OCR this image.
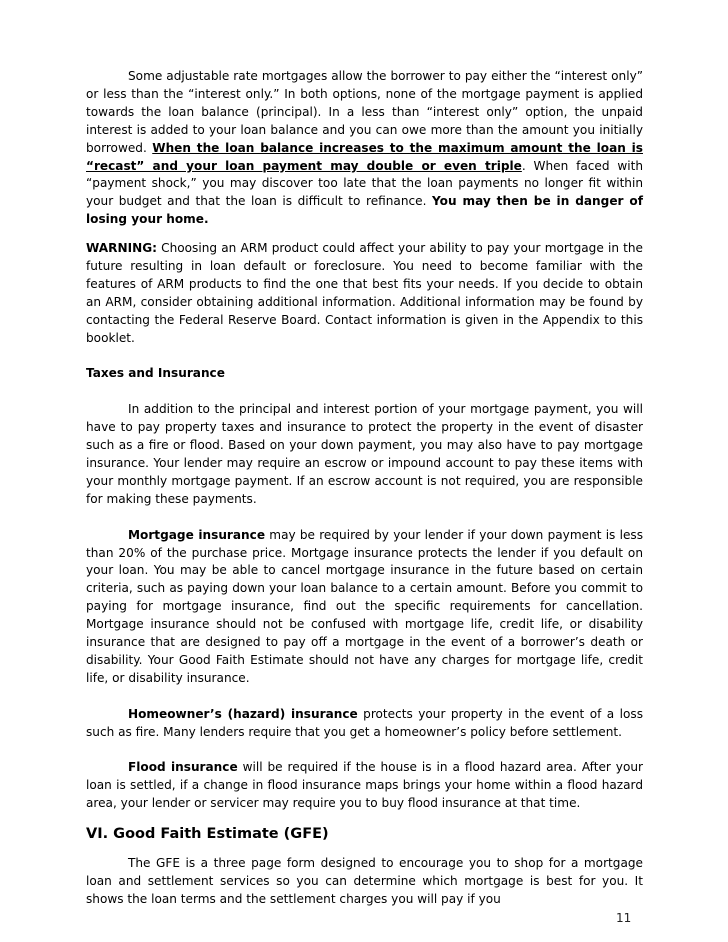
Some adjustable rate mortgages allow the borrower to pay either the “interest only” or less than the “interest only.” In both options, none of the mortgage payment is applied towards the loan balance (principal). In a less than “interest only” option, the unpaid interest is added to your loan balance and you can owe more than the amount you initially borrowed. When the loan balance increases to the maximum amount the loan is “recast” and your loan payment may double or even triple. When faced with “payment shock,” you may discover too late that the loan payments no longer fit within your budget and that the loan is difficult to refinance. You may then be in danger of losing your home.

WARNING: Choosing an ARM product could affect your ability to pay your mortgage in the future resulting in loan default or foreclosure. You need to become familiar with the features of ARM products to find the one that best fits your needs. If you decide to obtain an ARM, consider obtaining additional information. Additional information may be found by contacting the Federal Reserve Board. Contact information is given in the Appendix to this booklet.

Taxes and Insurance

In addition to the principal and interest portion of your mortgage payment, you will have to pay property taxes and insurance to protect the property in the event of disaster such as a fire or flood. Based on your down payment, you may also have to pay mortgage insurance. Your lender may require an escrow or impound account to pay these items with your monthly mortgage payment. If an escrow account is not required, you are responsible for making these payments.

Mortgage insurance may be required by your lender if your down payment is less than 20% of the purchase price. Mortgage insurance protects the lender if you default on your loan. You may be able to cancel mortgage insurance in the future based on certain criteria, such as paying down your loan balance to a certain amount. Before you commit to paying for mortgage insurance, find out the specific requirements for cancellation. Mortgage insurance should not be confused with mortgage life, credit life, or disability insurance that are designed to pay off a mortgage in the event of a borrower’s death or disability. Your Good Faith Estimate should not have any charges for mortgage life, credit life, or disability insurance.

Homeowner’s (hazard) insurance protects your property in the event of a loss such as fire. Many lenders require that you get a homeowner’s policy before settlement.

Flood insurance will be required if the house is in a flood hazard area. After your loan is settled, if a change in flood insurance maps brings your home within a flood hazard area, your lender or servicer may require you to buy flood insurance at that time.

VI. Good Faith Estimate (GFE)

The GFE is a three page form designed to encourage you to shop for a mortgage loan and settlement services so you can determine which mortgage is best for you. It shows the loan terms and the settlement charges you will pay if you

11
